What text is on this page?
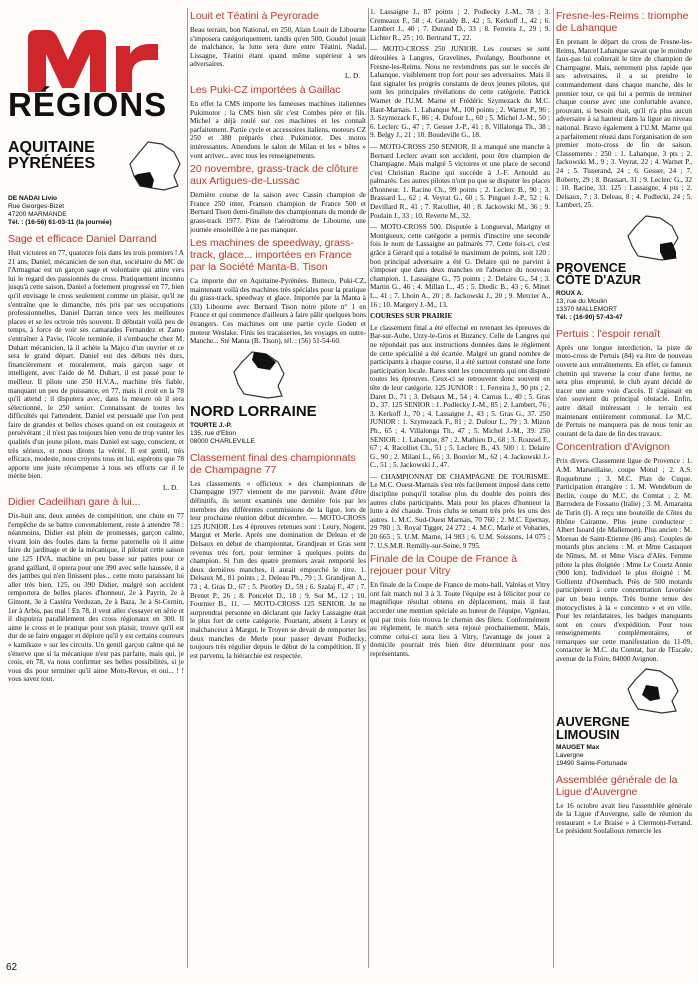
RÉGIONS
AQUITAINE
PYRÉNÉES
DE NADAI Livio
Rue Georges-Bizet
47200 MARMANDE
Tél. : (16-56) 61-03-11 (la journée)
Sage et efficace Daniel Darrand

Huit victoires en 77, quatorze fois dans les trois premiers ! A 21 ans, Daniel, mécanicien de son état, sociétaire du MC de l'Armagnac est un garçon sage et volontaire qui attire vers lui le regard des passionnés du cross. Pratiquement inconnu jusqu'à cette saison, Daniel a fortement progressé en 77, bien qu'il envisage le cross seulement comme un plaisir, qu'il ne s'entraîne que le dimanche, très pris par ses occupations professionnelles, Daniel Darran tence vers les meilleures places et se les octroie très souvent. Il débutait voilà peu de temps, à force de voir ses camarades Fernandez et Zamo s'entraîner à Pavie, l'école terminée, il s'embauche chez M. Duhart mécanicien, là il achète la Majco d'un ouvrier et ce sera le grand départ. Daniel eut des débuts très durs, financièrement et moralement, mais garçon sage et intelligent, avec l'aide de M. Duhart, il est passé pour le meilleur. Il pilote une 250 H.V.A., machine très fiable, manquant un peu de puissance, en 77, mais il croit en la 78 qu'il attend ; il disputera avec, dans la mesure où il sera sélectionné, le 250 senior. Connaissant de toutes les difficultés qui l'attendent, Daniel est persuadé que l'on peut faire de grandes et belles choses quand on est courageux et persévérant ; il n'est pas toujours bien venu de trop vanter les qualités d'un jeune pilote, mais Daniel est sage, conscient, et très sérieux, et nous dirons la vérité. Il est gentil, très efficace, modeste, nous croyons tous en lui, espérons que 78 apporte une juste récompense à tous ses efforts car il le mérite bien.

L. D.
Didier Cadeilhan gare à lui...

Dix-huit ans, deux années de compétition, une chute en 77 l'empêche de se battre convenablement, reste à attendre 78 : néanmoins, Didier est plein de promesses, garçon calme, vivant loin des foules dans la ferme paternelle où il aime faire du jardinage et de la mécanique, il pilotait cette saison une 125 HVA, machine un peu basse sur pattes pour ce grand gaillard, il optera pour une 390 avec selle haussée, il a des jambes qui n'en finissent plus... cette moto paraissant lui aller très bien. 125, ou 390 Didier, malgré son accident remportera de belles places d'honneur, 2e à Payrin, 2e à Gimont, 3e à Castéra Verduzan, 2e à Baza, 3e à St-Cernin, 1er à Arbis, pas mal ! En 78, il veut aller s'essayer en série et il disputera parallèlement des cross régionaux en 300. Il aime le cross et le pratique pour son plaisir, trouve qu'il est dur de se faire engager et déplore qu'il y est certains coureurs « kamikaze » sur les circuits. Un gentil garçon calme qui ne s'énerve que si la mécanique n'est pas parfaite, mais qui, je crois, en 78, va nous confirmer ses belles possibilités, si je vous dis pour terminer qu'il aime Moto-Revue, et oui... ! ! vous savez tout.

62
Louit et Téatini à Peyrorade

Beau terrain, bon National, en 250, Alain Louit de Libourne s'imposera catégoriquement, tandis qu'en 500, Goudol jouait de malchance, la lutte sera dure entre Téatini, Nadal, Lissagne, Téatini étant quand même supérieur à ses adversaires.

L. D.
Les Puki-CZ importées à Gaillac

En effet la CMS importe les fameuses machines italiennes Pukimotor ; la CMS bien sûr c'est Combes père et fils. Michel a déjà roulé sur ces machines et les connaît parfaitement. Partie cycle et accessoires italiens, moteurs CZ 250 et 380 préparés chez Pukimotor. Des motos intéressantes. Attendons le salon de Milan et les « bêtes » vont arriver... avec tous les renseignements.

20 novembre, grass-track de clôture aux Artigues-de-Lussac

Dernière course de la saison avec Cassin champion de France 250 inter, Franson champion de France 500 et Bernard Tison demi-finaliste des championnats du monde de grass-track 1977. Piste de l'aérodrome de Libourne, une journée ensoleillée à ne pas manquer.

Les machines de speedway, grass-track, glace... importées en France par la Société Manta-B. Tison

Ca importe dur en Aquitaine-Pyrénées. Butteco, Puki-CZ, maintenant voilà des machines très spéciales pour la pratique du grass-track, speedway et glace. Importée par la Manta à (33) Libourne avec Bernard Tison notre pilote n° 1 en France et qui commence d'ailleurs à faire pâlir quelques bons étrangers. Ces machines ont une partie cycle Goden et moteur Weslake. Finis les tracasseries, les voyages en outre-Manche... Sté Manta (B. Tison), tél. : (56) 51-54-60.

NORD LORRAINE
TOURTE J.-P.
135, rue d'Etion
08000 CHARLEVILLE
Classement final des championnats de Champagne 77

Les classements « officieux » des championnats de Champagne 1977 viennent de me parvenir. Avant d'être définitifs, ils seront examinés une dernière fois par les membres des différentes commissions de la ligue, lors de leur prochaine réunion début décembre. — MOTO-CROSS 125 JUNIOR. Les 4 épreuves retenues sont : Leury, Nogent, Margut et Merle. Après une domination de Deleau et de Delsaux en début de championnat, Grandjean et Gras sont revenus très fort, pour terminer à quelques points du champion. Si l'un des quatre premiers avait remporté les deux dernières manches, il aurait emporché le titre. 1. Delsaux M., 81 points ; 2. Deleau Ph., 79 ; 3. Grandjean A., 73 ; 4. Gras D., 67 ; 5. Pirotley D., 59 ; 6. Szalaj F., 47 ; 7. Brenet P., 26 ; 8. Poncelet D., 18 ; 9. Sot M., 12 ; 10. Fournier B., 11. — MOTO-CROSS 125 SENIOR. Je ne surprendrai personne en déclarant que Jacky Lassaigne était le plus fort de cette catégorie. Pourtant, absent à Leury et malchanceux à Margut, le Troyen se devait de remporter les deux manches de Merle pour passer devant Podlecky, toujours très régulier depuis le début de la compétition. Il y est parvenu, la hiérarchie est respectée.

1. Lassaigne J., 87 points ; 2. Podlecky J.-M., 78 ; 3. Cremeaux F., 58 ; 4. Geraldy B., 42 ; 5. Kerkoff J., 42 ; 6. Lambert J., 40 ; 7. Durand D., 33 ; 8. Ferreira J., 29 ; 9. Lichter R., 25 ; 10. Bertrand T., 22.

— MOTO-CROSS 250 JUNIOR. Les courses se sont déroulées à Langres, Gravelines, Poulangy, Bourbonne et Fresne-les-Reims. Nous ne reviendrons pas sur le succès de Lahanque, visiblement trop fort pour ses adversaires. Mais il faut signaler les progrès constants de deux jeunes pilotes, qui sont les principales révélations de cette catégorie. Patrick Warnet de l'U.M. Marne et Frédéric Szymezack du M.C. Haut-Marnais. 1. Lahanque M., 100 points ; 2. Warnet P., 96 ; 3. Szymezack F., 86 ; 4. Dufour L., 60 ; 5. Michel J.-M., 50 ; 6. Leclerc G., 47 ; 7. Gesser J.-P., 41 ; 8. Villalonga Th., 38 ; 9. Belgy J., 21 ; 10. Boudeville G., 18.

— MOTO-CROSS 250 SENIOR. Il a manqué une manche à Bernard Leclerc avant son accident, pour être champion de Champagne. Mais malgré 5 victoires et une place de second c'est Christian Racine qui succède à J.-F. Arnould au palmarès. Les autres pilotes n'ont pu que se disputer les places d'honneur. 1. Racine Ch., 99 points ; 2. Leclerc B., 90 ; 3. Brassard L., 62 ; 4. Veyrat G., 60 ; 5. Pinguet J.-P., 52 ; 6. Devillard R., 41 ; 7. Racolliet, 40 ; 8. Jackowski M., 36 ; 9. Poulain J., 33 ; 10. Reverte M., 32.

— MOTO-CROSS 500. Disputée à Longueval, Marigny et Montgueux, cette catégorie a permis d'inscrire une seconde fois le nom de Lassaigne au palmarès 77. Cette fois-ci, c'est grâce à Gérard qui a totalisé le maximum de points, soit 120 : bon principal adversaire a été G. Delaire qui ne parvint à s'imposer que dans deux manches en l'absence du nouveau champion. 1. Lassaigne G., 75 points ; 2. Delaire G., 54 ; 3. Martin G., 46 ; 4. Millan L., 45 ; 5. Diedic B., 43 ; 6. Minet L., 41 ; 7. Lhoin A., 20 ; 8. Jackowski J., 20 ; 9. Mercier A., 16 ; 10. Margery J.-M., 13.

COURSES SUR PRAIRIE

Le classement final a été effectué en retenant les épreuves de Bar-sur-Aube, Urzy-le-Gros et Buzancy. Celle de Langres qui ne répondait pas aux instructions données dans le règlement de cette spécialité a été écartée. Malgré un grand nombre de participants à chaque course, il a été surtout constaté une forte participation locale. Rares sont les concurrents qui ont disputé toutes les épreuves. Ceux-ci se retrouvent donc souvent en tête de leur catégorie. 125 JUNIOR : 1. Ferreira J., 90 pts ; 2. Daret D., 71 ; 3. Delsaux M., 54 ; 4. Camus L., 40 ; 5. Gras D., 37. 125 SENIOR : 1. Podlecky J.-M., 85 ; 2. Lambert, 76 ; 3. Kerkoff J., 70 ; 4. Lassaigne J., 43 ; 5. Gras G., 37. 250 JUNIOR : 1. Szymezack F., 81 ; 2. Dufour L., 79 ; 3. Mizon Ph., 65 ; 4. Villalonga Th., 47 ; 5. Michel J.-M., 39. 250 SENIOR : 1. Lahanque, 87 ; 2. Mathieu D., 68 ; 3. Roussel F., 67 ; 4. Racolliet Ch., 51 ; 5. Leclerc B., 43. 500 : 1. Delaire G., 90 ; 2. Milani L., 66 ; 3. Bouvier M., 62 ; 4. Jackowski J.-C., 51 ; 5. Jackowski J., 47.

— CHAMPIONNAT DE CHAMPAGNE DE TOURISME. Le M.C. Ouest-Marnais s'est très facilement imposé dans cette discipline puisqu'il totalise plus du double des points des autres clubs participants. Mais pour les places d'honneur la lutte a été chaude. Trois clubs se tenant très près les uns des autres. 1. M.C. Sud-Ouest Marnais, 70 760 ; 2. M.C. Epernay, 29 780 ; 3. Royal Tigger, 24 272 ; 4. M.C. Marle et Voharies, 20 665 ; 5. U.M. Marne, 14 983 ; 6. U.M. Soissons, 14 075 ; 7. U.S.M.R. Remilly-sur-Seine, 9 795.

Finale de la Coupe de France à rejouer pour Vitry

En finale de la Coupe de France de moto-ball, Valréas et Vitry ont fait match nul 3 à 3. Toute l'équipe est à féliciter pour ce magnifique résultat obtenu en déplacement, mais il faut accorder une mention spéciale au buteur de l'équipe, Vignéau, qui par trois fois trouva le chemin des filets. Conformément au règlement, le match sera rejoué prochainement. Mais, comme celui-ci aura lieu à Vitry, l'avantage de jouer à domicile pourrait très bien être déterminant pour nos représentants.

Fresne-les-Reims : triomphe de Lahanque

En prenant le départ du cross de Fresne-les-Reims, Marcel Lahanque savait que le moindre faux-pas lui coûterait le titre de champion de Champagne. Mais, nettement plus rapide que ses adversaires, il a su prendre le commandement dans chaque manche, dès le premier tour, ce qui lui a permis de terminer chaque course avec une confortable avance, prouvant, si besoin était, qu'il n'a plus aucun adversaire à sa hauteur dans la ligue au niveau national. Bravo également à l'U.M. Marne qui a parfaitement réussi dans l'organisation de son premier moto-cross de fin de saison. Classements : 250 : 1. Lahanque, 3 pts ; 2. Jackowski M., 9 ; 3. Veyrat, 22 ; 4. Warnet P., 24 ; 5. Tisserand, 24 ; 6. Gesser, 24 ; 7. Roberty, 29 ; 8. Brassart, 31 ; 9. Leclerc G., 32 ; 10. Racine, 33. 125 : Lassaigne, 4 pts ; 2. Delsaux, 7 ; 3. Deleau, 8 ; 4. Podlecki, 24 ; 5. Lambert, 25.

PROVENCE
CÔTE D'AZUR
ROUX A.
13, rue du Moulin
13370 MALLEMORT
Tél. : (16-90) 57-43-47
Pertuis : l'espoir renaît

Après une longue interdiction, la piste de moto-cross de Pertuis (84) va être de nouveau ouverte aux entraînements. En effet, ce fameux chemin qui traverse la cour d'une ferme, ne sera plus emprunté, le club ayant décidé de tracer une autre voie d'accès. Il s'agissait en s'en souvient du principal obstacle. Enfin, autre détail intéressant : le terrain est maintenant entièrement communal. Le M.C. de Pertuis ne manquera pas de nous tenir au courant de la date de fin des travaux.

Concentration d'Avignon

Prix divers. Classement ligue de Provence : 1. A.M. Marseillaise, coupe Motul ; 2. A.S. Roquebrune ; 3. M.C. Plan de Cuque. Participation étrangère : 1. M. Wendeburn de Berlin, coupe du M.C. du Comtat ; 2. M. Barrodera de Fossano (Italie) ; 3. M. Amaranta de Turin (I). A reçu une bouteille de Côtes du Rhône Cairanne. Plus jeune conducteur : Albert Isoard (de Mallemort). Plus ancien : M. Moreau de Saint-Etienne (86 ans). Couples de motards plus anciens : M. et Mme Castaquet de Nîmes, M. et Mme Visca d'Alès. Femme pilote la plus éloignée : Mme Le Courtz Annie (900 km). Individuel le plus éloigné : M. Gollientz d'Osembach. Près de 500 motards participèrent à cette concentration favorisée par un beau temps. Très bonne tenue des motocyclistes à la « concentro » et en ville. Pour les retardataires, les badges manquants sont en cours d'expédition. Pour tous renseignements complémentaires, et remarques sur cette manifestation du 11-09, contacter le M.C. du Comtat, bar de l'Escale, avenue de la Foire, 84000 Avignon.

AUVERGNE
LIMOUSIN
MAUGET Max
Lavergne
19490 Sainte-Fortunade
Assemblée générale de la Ligue d'Auvergne

Le 16 octobre avait lieu l'assemblée générale de la Ligue d'Auvergne, salle de réunion du restaurant « Le Braise » à Clermont-Ferrand. Le président Soulalioux remercie les
